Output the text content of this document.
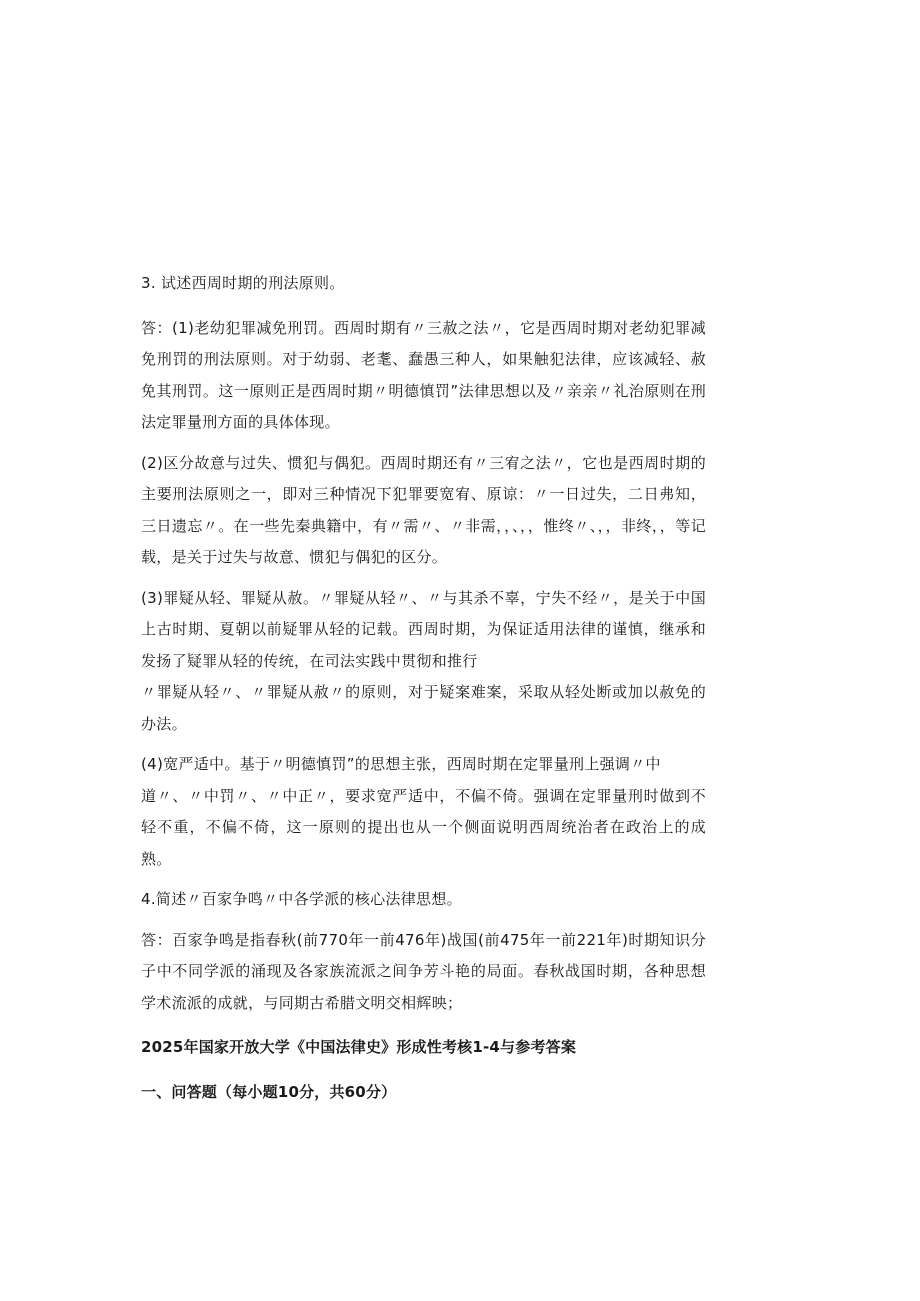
3. 试述西周时期的刑法原则。

答：(1)老幼犯罪减免刑罚。西周时期有〃三赦之法〃，它是西周时期对老幼犯罪减免刑罚的刑法原则。对于幼弱、老耄、蠢愚三种人，如果触犯法律，应该减轻、赦免其刑罚。这一原则正是西周时期〃明德慎罚”法律思想以及〃亲亲〃礼治原则在刑法定罪量刑方面的具体体现。

(2)区分故意与过失、惯犯与偶犯。西周时期还有〃三宥之法〃，它也是西周时期的主要刑法原则之一，即对三种情况下犯罪要宽宥、原谅：〃一日过失，二日弗知，三日遗忘〃。在一些先秦典籍中，有〃需〃、〃非需，，、，，惟终〃、，，非终，，等记载，是关于过失与故意、惯犯与偶犯的区分。

(3)罪疑从轻、罪疑从赦。〃罪疑从轻〃、〃与其杀不辜，宁失不经〃，是关于中国上古时期、夏朝以前疑罪从轻的记载。西周时期，为保证适用法律的谨慎，继承和发扬了疑罪从轻的传统，在司法实践中贯彻和推行

〃罪疑从轻〃、〃罪疑从赦〃的原则，对于疑案难案，采取从轻处断或加以赦免的办法。

(4)宽严适中。基于〃明德慎罚”的思想主张，西周时期在定罪量刑上强调〃中

道〃、〃中罚〃、〃中正〃，要求宽严适中，不偏不倚。强调在定罪量刑时做到不轻不重，不偏不倚，这一原则的提出也从一个侧面说明西周统治者在政治上的成熟。

4.简述〃百家争鸣〃中各学派的核心法律思想。

答：百家争鸣是指春秋(前770年一前476年)战国(前475年一前221年)时期知识分子中不同学派的涌现及各家族流派之间争芳斗艳的局面。春秋战国时期，各种思想学术流派的成就，与同期古希腊文明交相辉映；

2025年国家开放大学《中国法律史》形成性考核1-4与参考答案

一、问答题（每小题10分，共60分）
